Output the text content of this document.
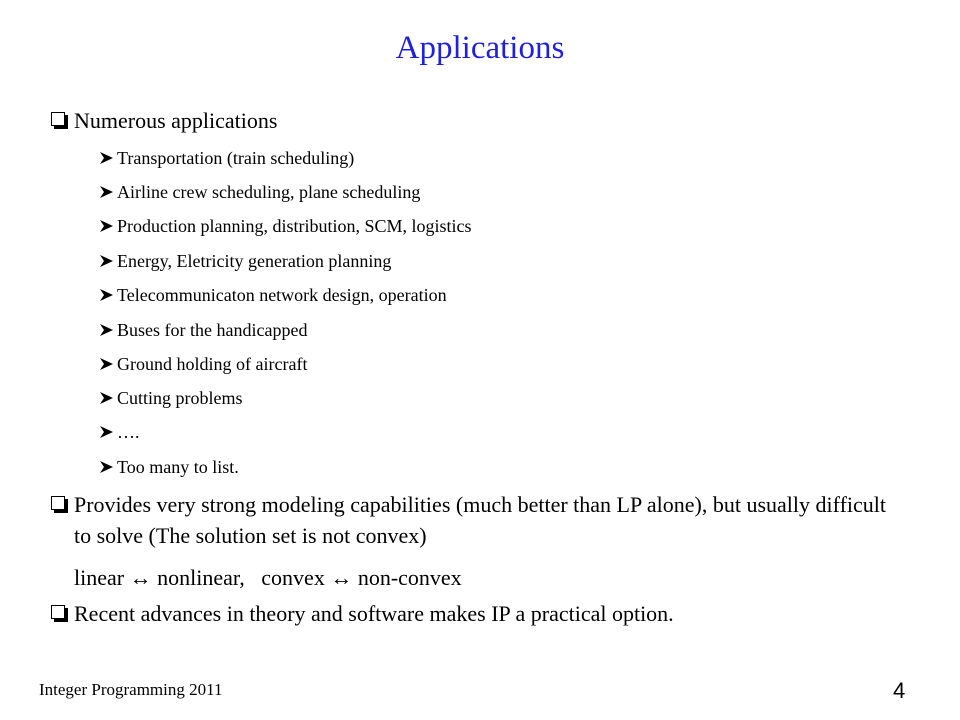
Applications
Numerous applications
Transportation (train scheduling)
Airline crew scheduling, plane scheduling
Production planning, distribution, SCM, logistics
Energy, Eletricity generation planning
Telecommunicaton network design, operation
Buses for the handicapped
Ground holding of aircraft
Cutting problems
….
Too many to list.
Provides very strong modeling capabilities (much better than LP alone), but usually difficult to solve (The solution set is not convex)
linear ↔ nonlinear, convex ↔ non-convex
Recent advances in theory and software makes IP a practical option.
Integer Programming 2011	4
